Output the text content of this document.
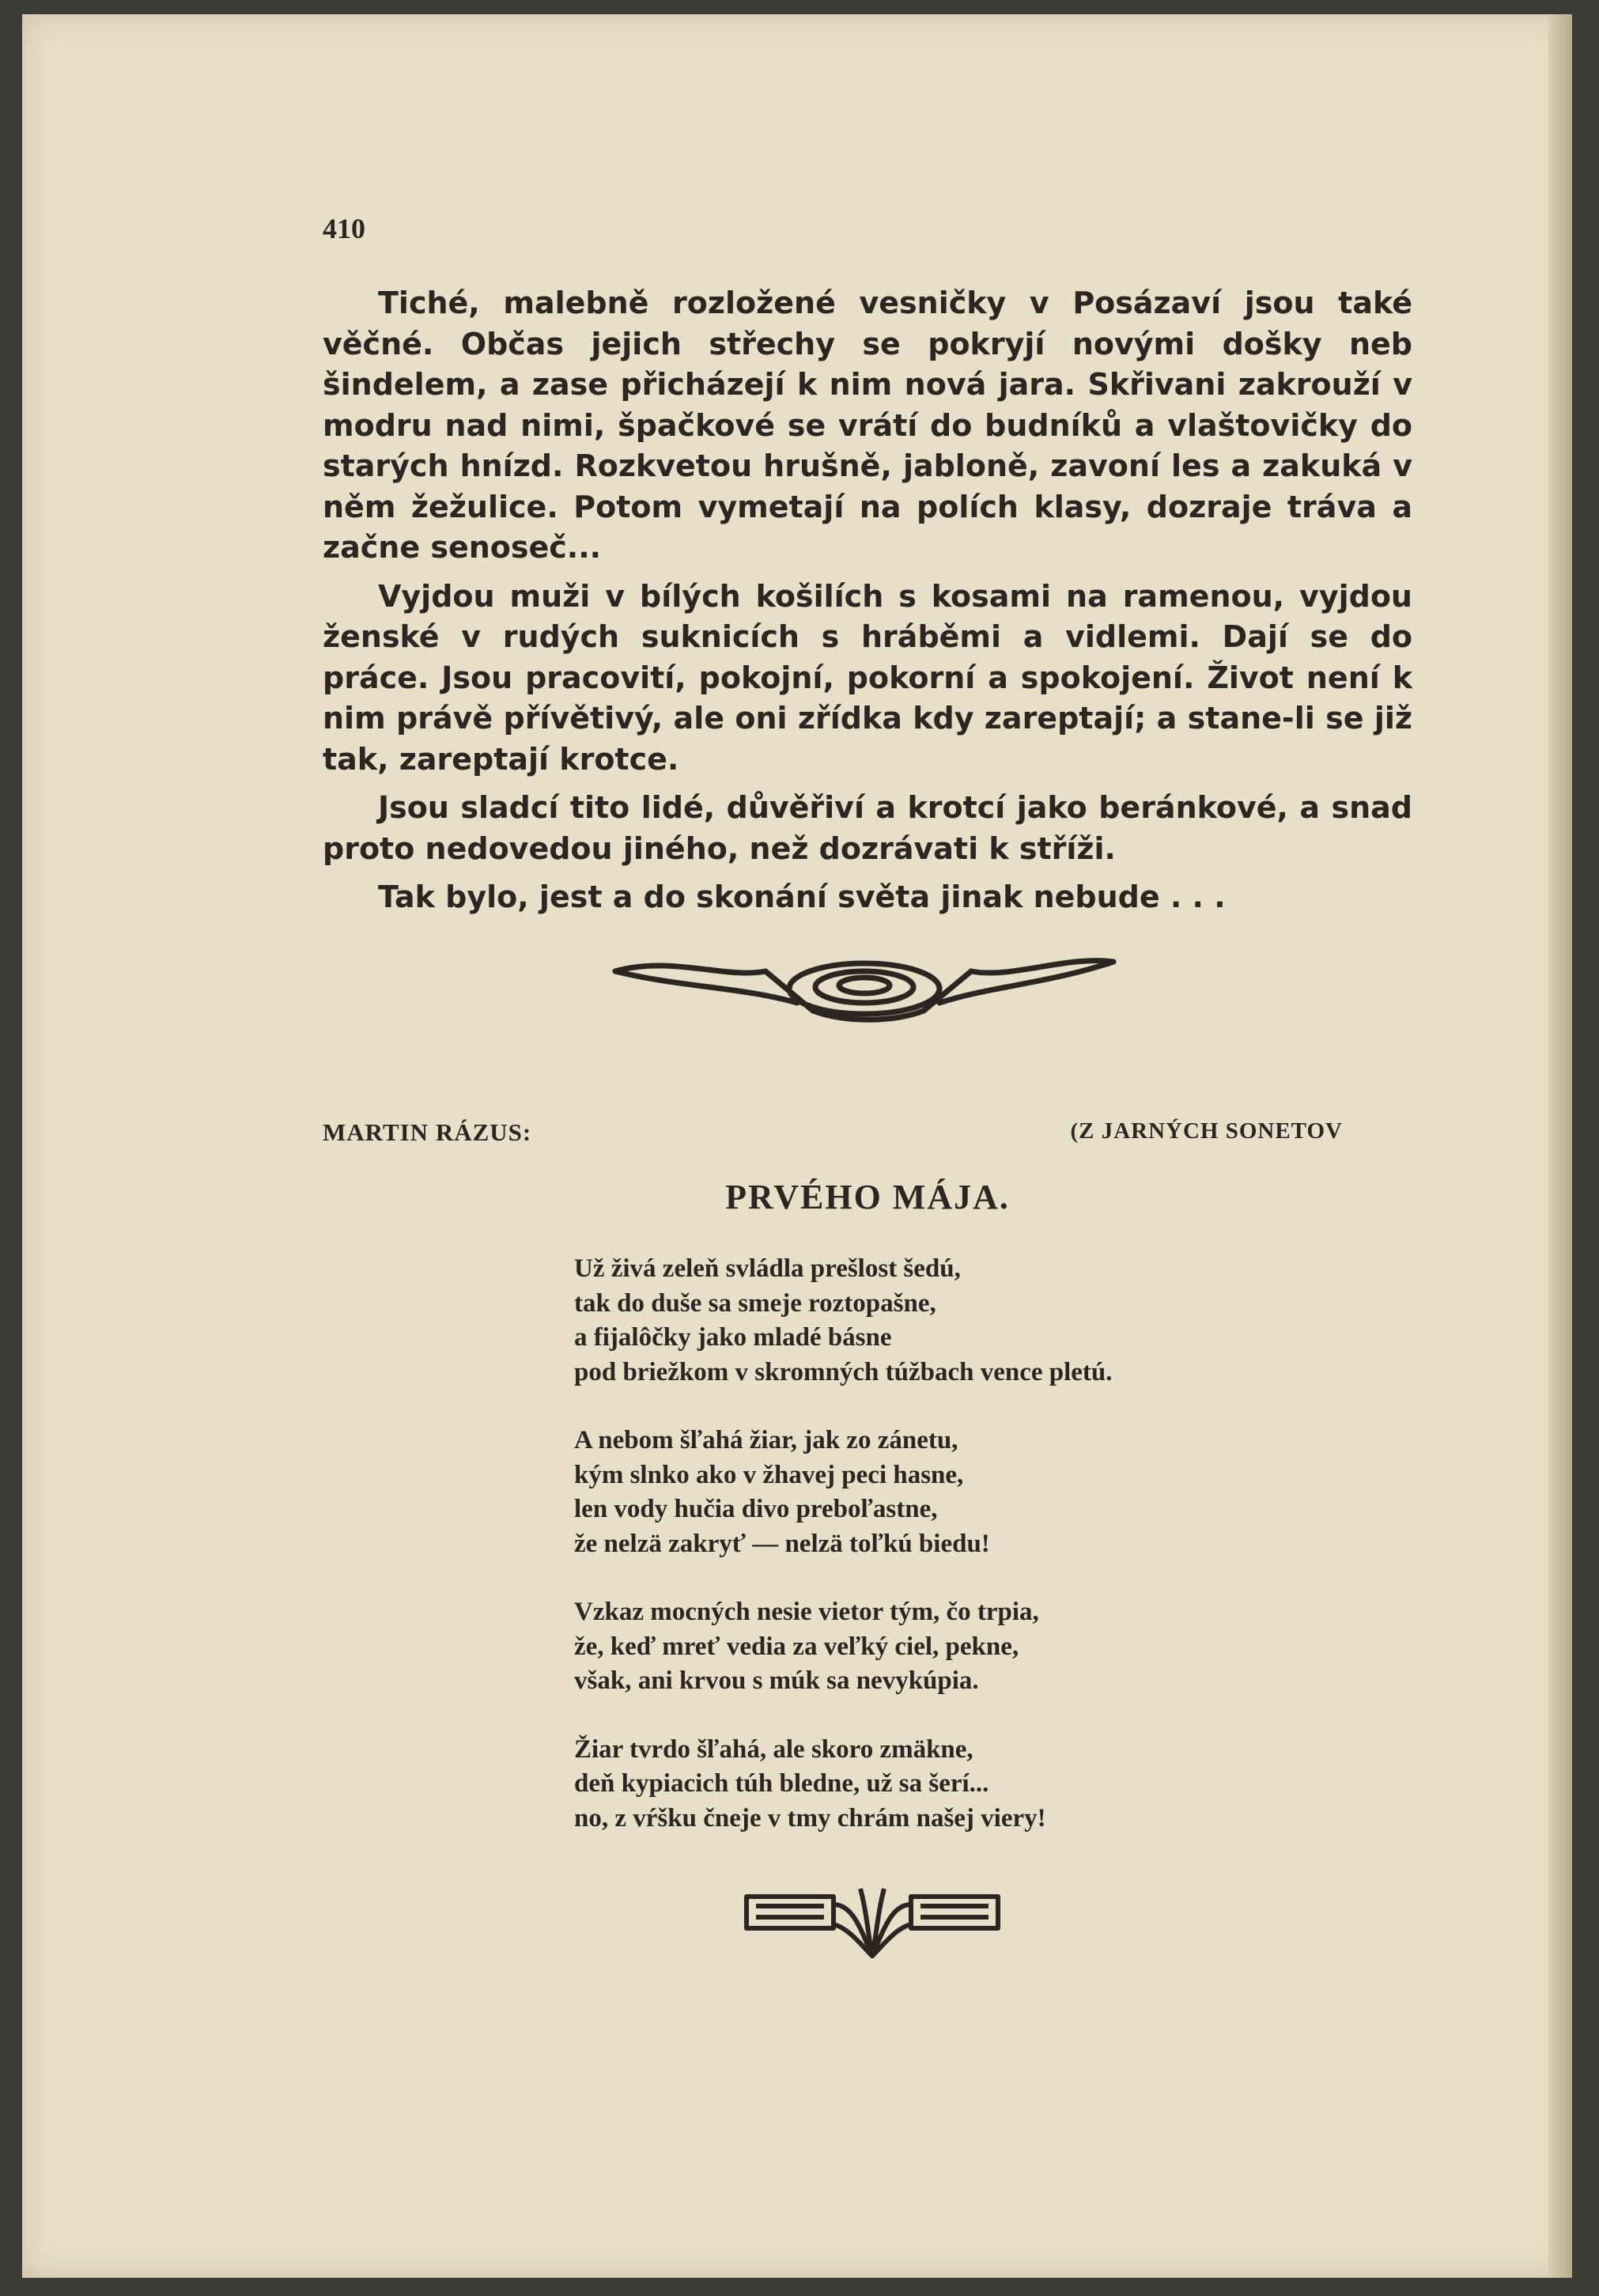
410

Tiché, malebně rozložené vesničky v Posázaví jsou také věčné. Občas jejich střechy se pokryjí novými došky neb šindelem, a zase přicházejí k nim nová jara. Skřivani zakrouží v modru nad nimi, špačkové se vrátí do budníků a vlaštovičky do starých hnízd. Rozkvetou hrušně, jabloně, zavoní les a zakuká v něm žežulice. Potom vymetají na polích klasy, dozraje tráva a začne senoseč...

Vyjdou muži v bílých košilích s kosami na ramenou, vyjdou ženské v rudých suknicích s hráběmi a vidlemi. Dají se do práce. Jsou pracovití, pokojní, pokorní a spokojení. Život není k nim právě přívětivý, ale oni zřídka kdy zareptají; a stane-li se již tak, zareptají krotce.

Jsou sladcí tito lidé, důvěřiví a krotcí jako beránkové, a snad proto nedovedou jiného, než dozrávati k stříži.

Tak bylo, jest a do skonání světa jinak nebude . . .

MARTIN RÁZUS:	(Z JARNÝCH SONETOV
PRVÉHO MÁJA.
Už živá zeleň svládla prešlost šedú,
tak do duše sa smeje roztopašne,
a fijalôčky jako mladé básne
pod briežkom v skromných túžbach vence pletú.
A nebom šľahá žiar, jak zo zánetu,
kým slnko ako v žhavej peci hasne,
len vody hučia divo preboľastne,
že nelzä zakryť — nelzä toľkú biedu!
Vzkaz mocných nesie vietor tým, čo trpia,
že, keď mreť vedia za veľký ciel, pekne,
však, ani krvou s múk sa nevykúpia.
Žiar tvrdo šľahá, ale skoro zmäkne,
deň kypiacich túh bledne, už sa šerí...
no, z vŕšku čneje v tmy chrám našej viery!
